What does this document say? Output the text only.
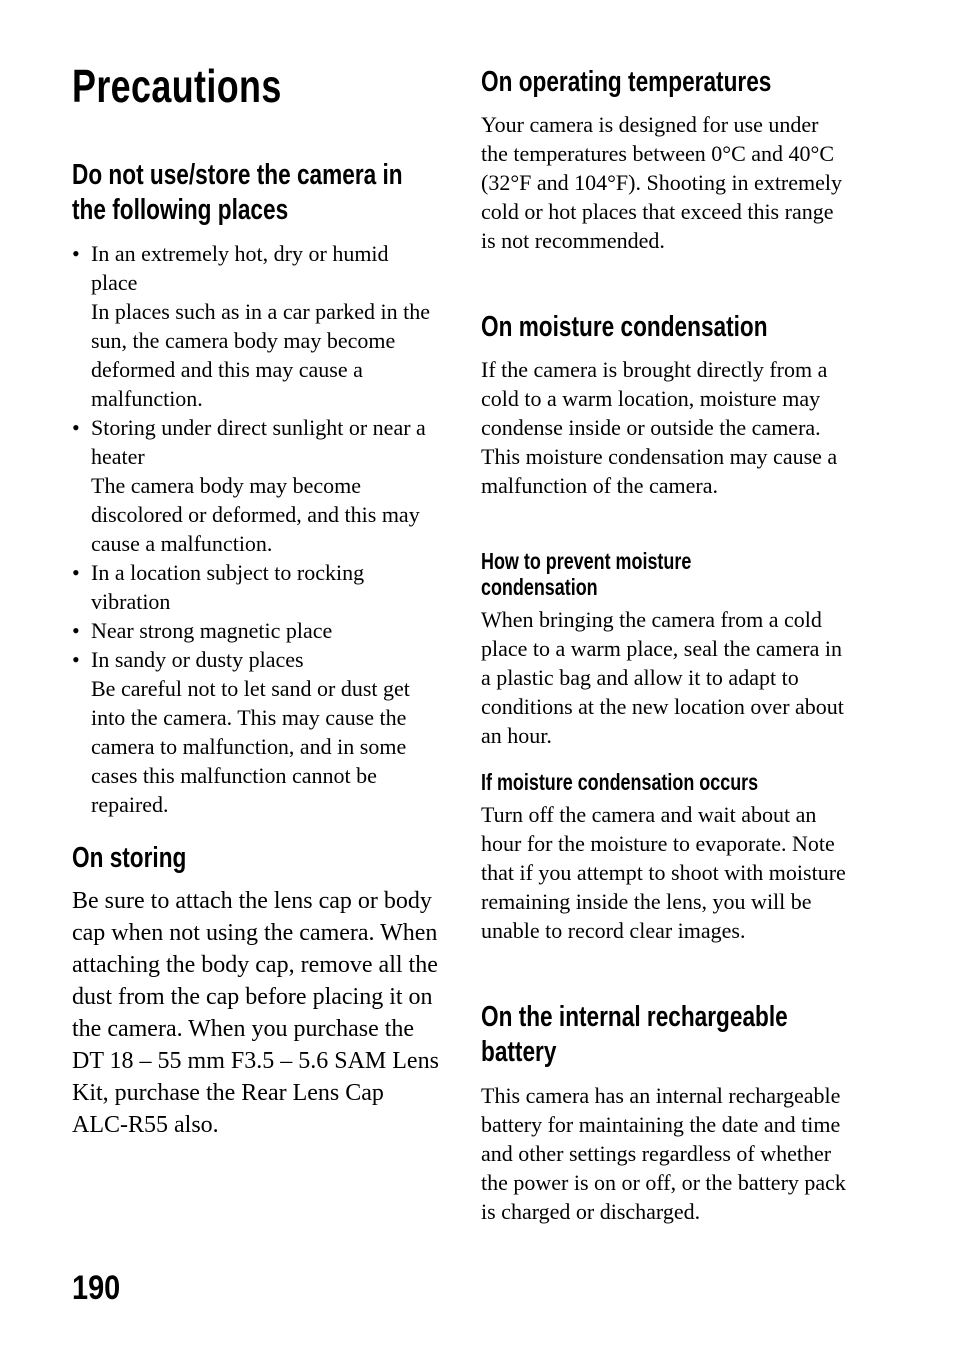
Precautions
Do not use/store the camera in
the following places
• In an extremely hot, dry or humid place
In places such as in a car parked in the sun, the camera body may become deformed and this may cause a malfunction.
• Storing under direct sunlight or near a heater
The camera body may become discolored or deformed, and this may cause a malfunction.
• In a location subject to rocking vibration
• Near strong magnetic place
• In sandy or dusty places
Be careful not to let sand or dust get into the camera. This may cause the camera to malfunction, and in some cases this malfunction cannot be repaired.
On storing

Be sure to attach the lens cap or body cap when not using the camera. When attaching the body cap, remove all the dust from the cap before placing it on the camera. When you purchase the DT 18 – 55 mm F3.5 – 5.6 SAM Lens Kit, purchase the Rear Lens Cap ALC-R55 also.

On operating temperatures

Your camera is designed for use under the temperatures between 0°C and 40°C (32°F and 104°F). Shooting in extremely cold or hot places that exceed this range is not recommended.

On moisture condensation

If the camera is brought directly from a cold to a warm location, moisture may condense inside or outside the camera. This moisture condensation may cause a malfunction of the camera.

How to prevent moisture
condensation

When bringing the camera from a cold place to a warm place, seal the camera in a plastic bag and allow it to adapt to conditions at the new location over about an hour.

If moisture condensation occurs

Turn off the camera and wait about an hour for the moisture to evaporate. Note that if you attempt to shoot with moisture remaining inside the lens, you will be unable to record clear images.

On the internal rechargeable
battery

This camera has an internal rechargeable battery for maintaining the date and time and other settings regardless of whether the power is on or off, or the battery pack is charged or discharged.

190
